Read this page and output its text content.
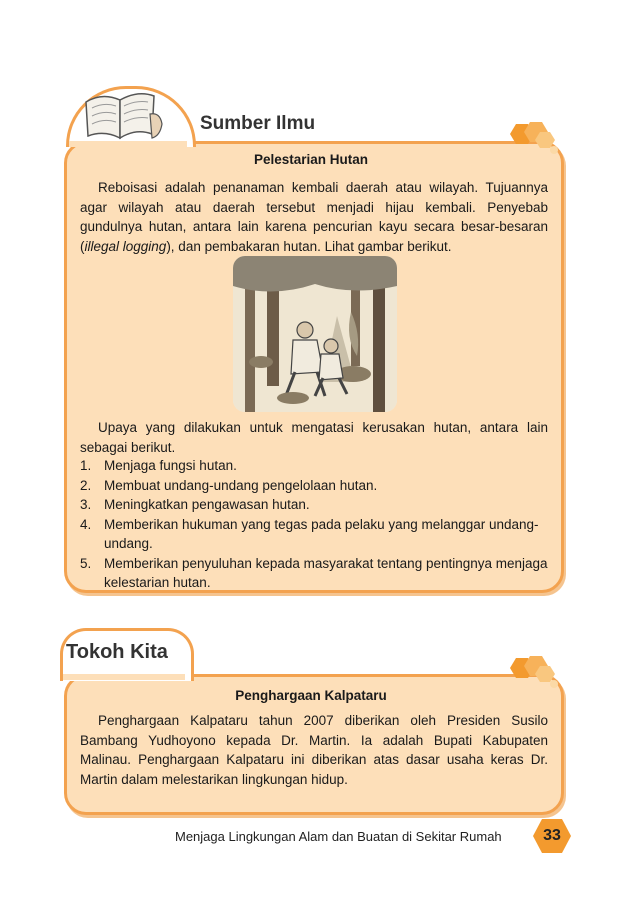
Sumber Ilmu
Pelestarian Hutan

Reboisasi adalah penanaman kembali daerah atau wilayah. Tujuannya agar wilayah atau daerah tersebut menjadi hijau kembali. Penyebab gundulnya hutan, antara lain karena pencurian kayu secara besar-besaran (illegal logging), dan pembakaran hutan. Lihat gambar berikut.

Upaya yang dilakukan untuk mengatasi kerusakan hutan, antara lain sebagai berikut.

1. Menjaga fungsi hutan.
2. Membuat undang-undang pengelolaan hutan.
3. Meningkatkan pengawasan hutan.
4. Memberikan hukuman yang tegas pada pelaku yang melanggar undang-undang.
5. Memberikan penyuluhan kepada masyarakat tentang pentingnya menjaga kelestarian hutan.
Tokoh Kita
Penghargaan Kalpataru

Penghargaan Kalpataru tahun 2007 diberikan oleh Presiden Susilo Bambang Yudhoyono kepada Dr. Martin. Ia adalah Bupati Kabupaten Malinau. Penghargaan Kalpataru ini diberikan atas dasar usaha keras Dr. Martin dalam melestarikan lingkungan hidup.

Menjaga Lingkungan Alam dan Buatan di Sekitar Rumah	33
